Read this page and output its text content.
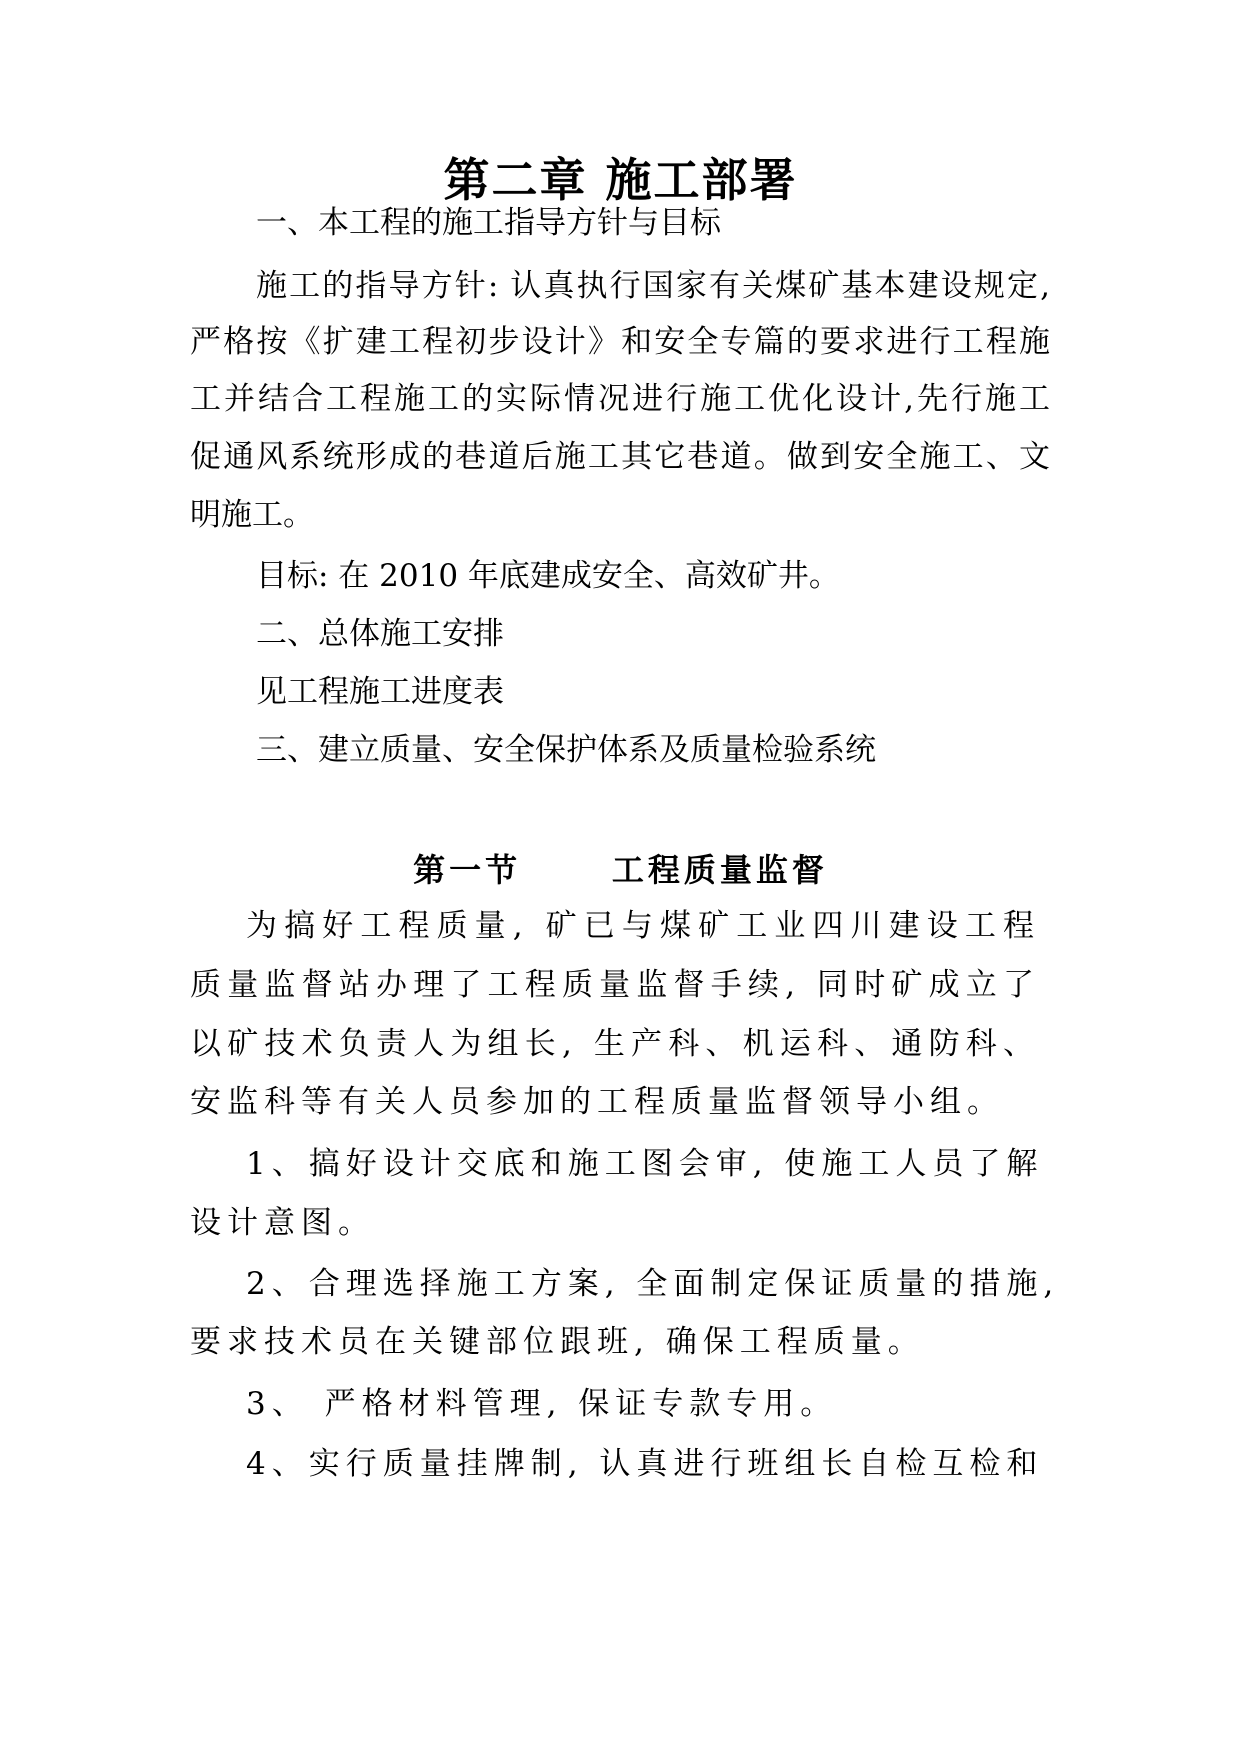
第二章 施工部署
一、本工程的施工指导方针与目标
施工的指导方针: 认真执行国家有关煤矿基本建设规定,
严格按《扩建工程初步设计》和安全专篇的要求进行工程施
工并结合工程施工的实际情况进行施工优化设计,先行施工
促通风系统形成的巷道后施工其它巷道。做到安全施工、文
明施工。
目标: 在 2010 年底建成安全、高效矿井。
二、总体施工安排
见工程施工进度表
三、建立质量、安全保护体系及质量检验系统
第一节      工程质量监督
为搞好工程质量, 矿已与煤矿工业四川建设工程
质量监督站办理了工程质量监督手续, 同时矿成立了
以矿技术负责人为组长, 生产科、机运科、通防科、
安监科等有关人员参加的工程质量监督领导小组。
1、搞好设计交底和施工图会审, 使施工人员了解
设计意图。
2、合理选择施工方案, 全面制定保证质量的措施,
要求技术员在关键部位跟班, 确保工程质量。
3、 严格材料管理, 保证专款专用。
4、实行质量挂牌制, 认真进行班组长自检互检和
